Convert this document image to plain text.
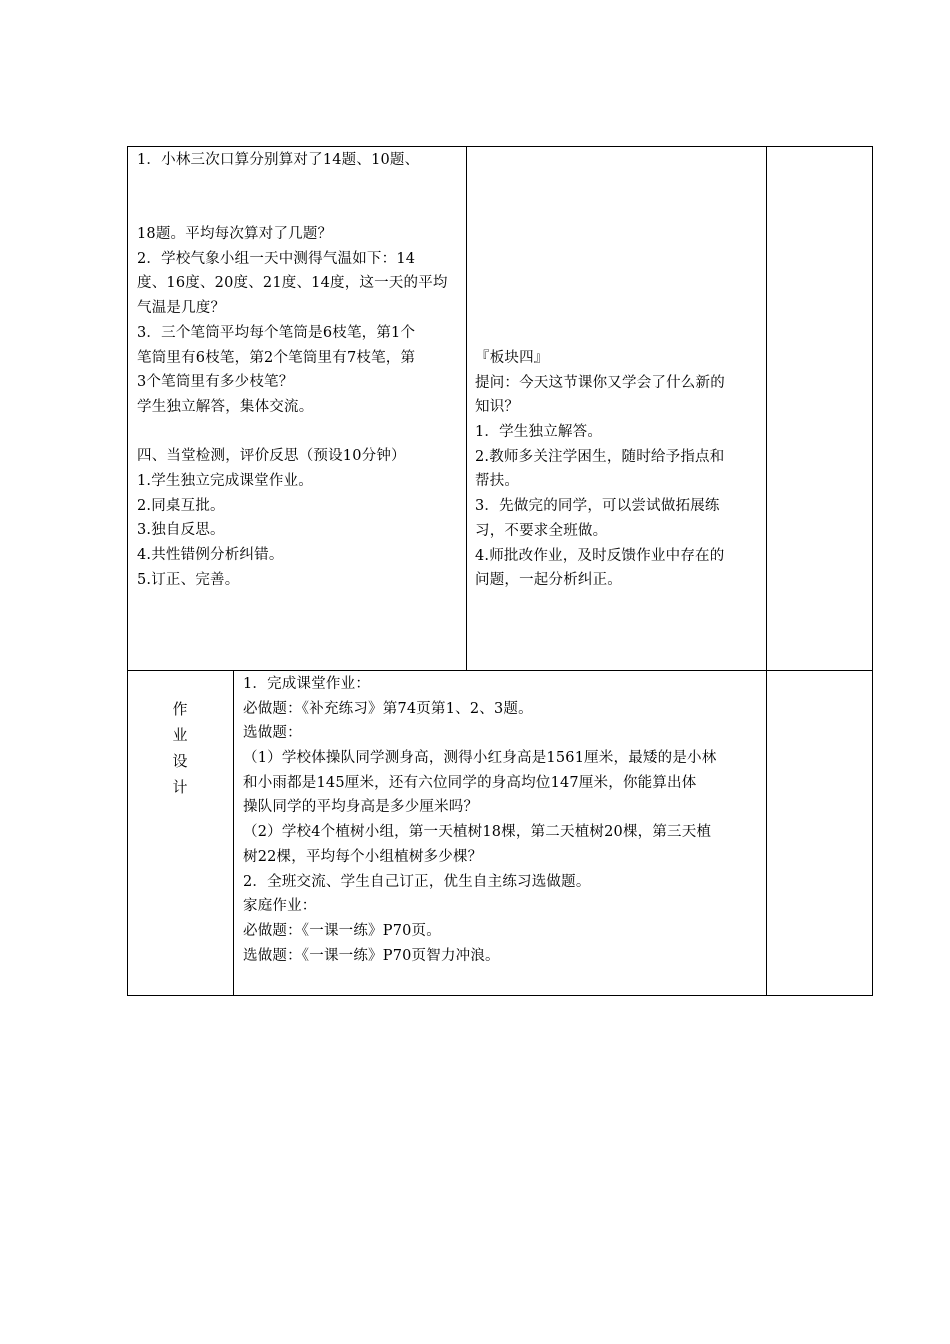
1．小林三次口算分别算对了14题、10题、
18题。平均每次算对了几题？
2．学校气象小组一天中测得气温如下：14
度、16度、20度、21度、14度，这一天的平均
气温是几度？
3．三个笔筒平均每个笔筒是6枝笔，第1个
笔筒里有6枝笔，第2个笔筒里有7枝笔，第
3个笔筒里有多少枝笔？
学生独立解答，集体交流。
四、当堂检测，评价反思（预设10分钟）
1.学生独立完成课堂作业。
2.同桌互批。
3.独自反思。
4.共性错例分析纠错。
5.订正、完善。
『板块四』
提问：今天这节课你又学会了什么新的
知识？
1．学生独立解答。
2.教师多关注学困生，随时给予指点和
帮扶。
3．先做完的同学，可以尝试做拓展练
习，不要求全班做。
4.师批改作业，及时反馈作业中存在的
问题，一起分析纠正。
作
业
设
计
1．完成课堂作业：
必做题：《补充练习》第74页第1、2、3题。
选做题：
（1）学校体操队同学测身高，测得小红身高是1561厘米，最矮的是小林
和小雨都是145厘米，还有六位同学的身高均位147厘米，你能算出体
操队同学的平均身高是多少厘米吗？
（2）学校4个植树小组，第一天植树18棵，第二天植树20棵，第三天植
树22棵，平均每个小组植树多少棵？
2．全班交流、学生自己订正，优生自主练习选做题。
家庭作业：
必做题：《一课一练》P70页。
选做题：《一课一练》P70页智力冲浪。
